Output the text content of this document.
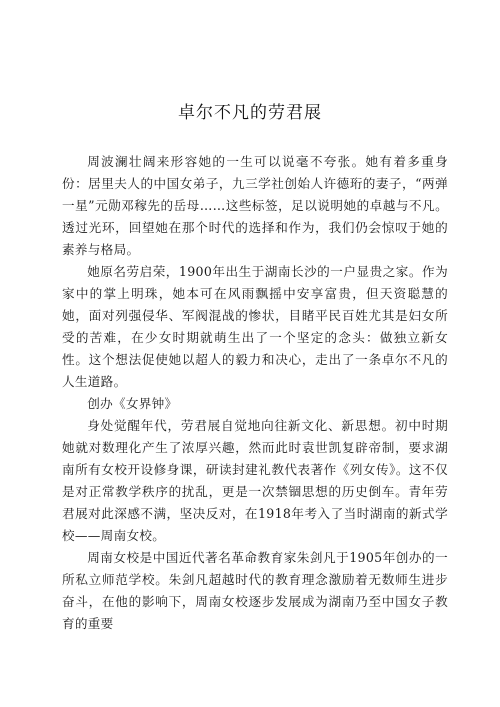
卓尔不凡的劳君展

周波澜壮阔来形容她的一生可以说毫不夸张。她有着多重身份：居里夫人的中国女弟子，九三学社创始人许德珩的妻子，“两弹一星”元勋邓稼先的岳母……这些标签，足以说明她的卓越与不凡。透过光环，回望她在那个时代的选择和作为，我们仍会惊叹于她的素养与格局。

她原名劳启荣，1900年出生于湖南长沙的一户显贵之家。作为家中的掌上明珠，她本可在风雨飘摇中安享富贵，但天资聪慧的她，面对列强侵华、军阀混战的惨状，目睹平民百姓尤其是妇女所受的苦难，在少女时期就萌生出了一个坚定的念头：做独立新女性。这个想法促使她以超人的毅力和决心，走出了一条卓尔不凡的人生道路。

创办《女界钟》

身处觉醒年代，劳君展自觉地向往新文化、新思想。初中时期她就对数理化产生了浓厚兴趣，然而此时袁世凯复辟帝制，要求湖南所有女校开设修身课，研读封建礼教代表著作《列女传》。这不仅是对正常教学秩序的扰乱，更是一次禁锢思想的历史倒车。青年劳君展对此深感不满，坚决反对，在1918年考入了当时湖南的新式学校——周南女校。

周南女校是中国近代著名革命教育家朱剑凡于1905年创办的一所私立师范学校。朱剑凡超越时代的教育理念激励着无数师生进步奋斗，在他的影响下，周南女校逐步发展成为湖南乃至中国女子教育的重要
